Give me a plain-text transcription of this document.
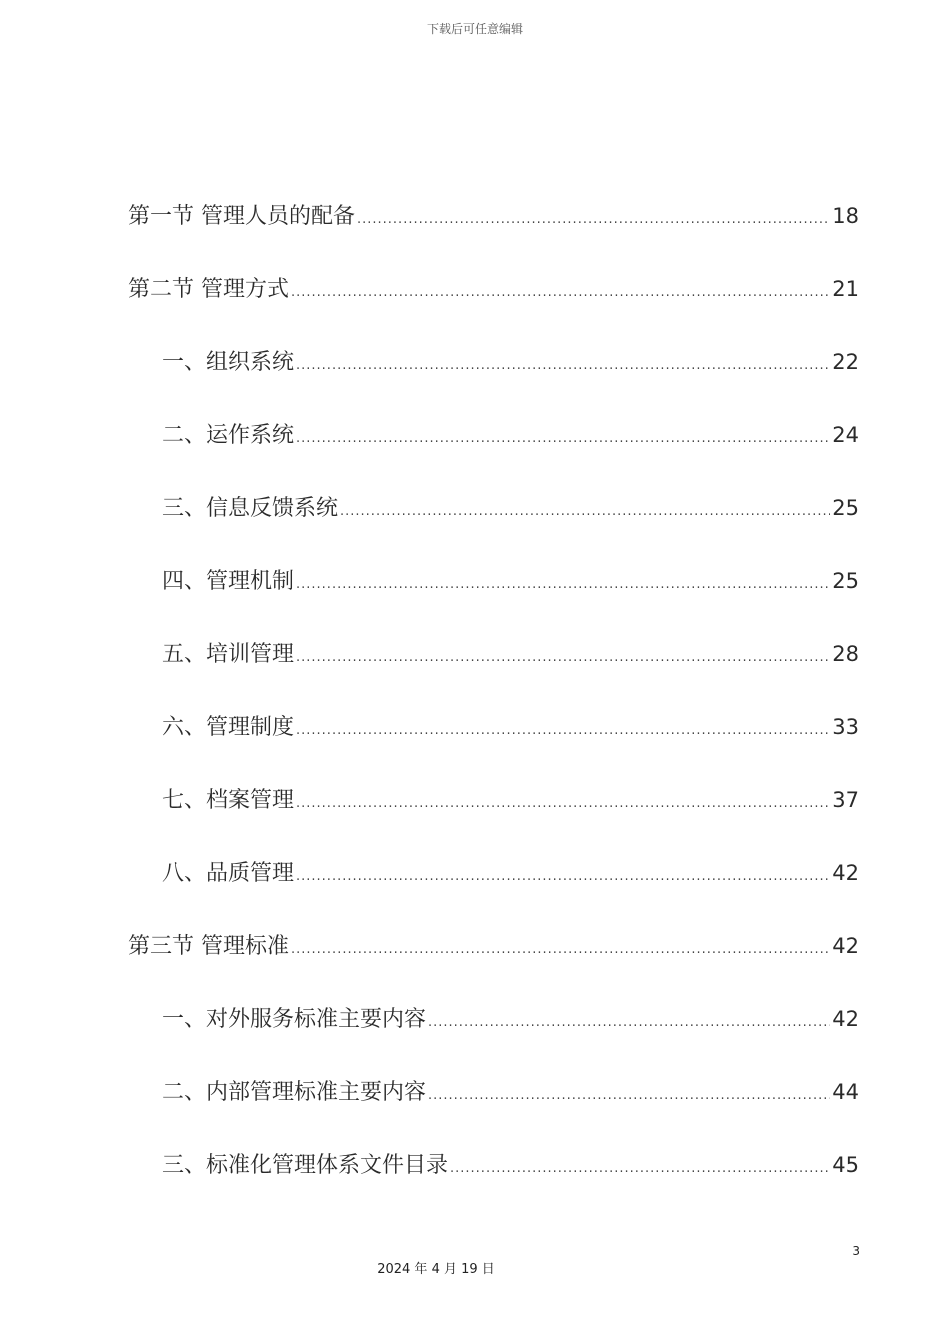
下载后可任意编辑
第一节 管理人员的配备 .....	18
第二节 管理方式 .....	21
一、组织系统 .....	22
二、运作系统 .....	24
三、信息反馈系统 .....	25
四、管理机制 .....	25
五、培训管理 .....	28
六、管理制度 .....	33
七、档案管理 .....	37
八、品质管理 .....	42
第三节 管理标准 .....	42
一、对外服务标准主要内容 .....	42
二、内部管理标准主要内容 .....	44
三、标准化管理体系文件目录 .....	45
3
2024 年 4 月 19 日
